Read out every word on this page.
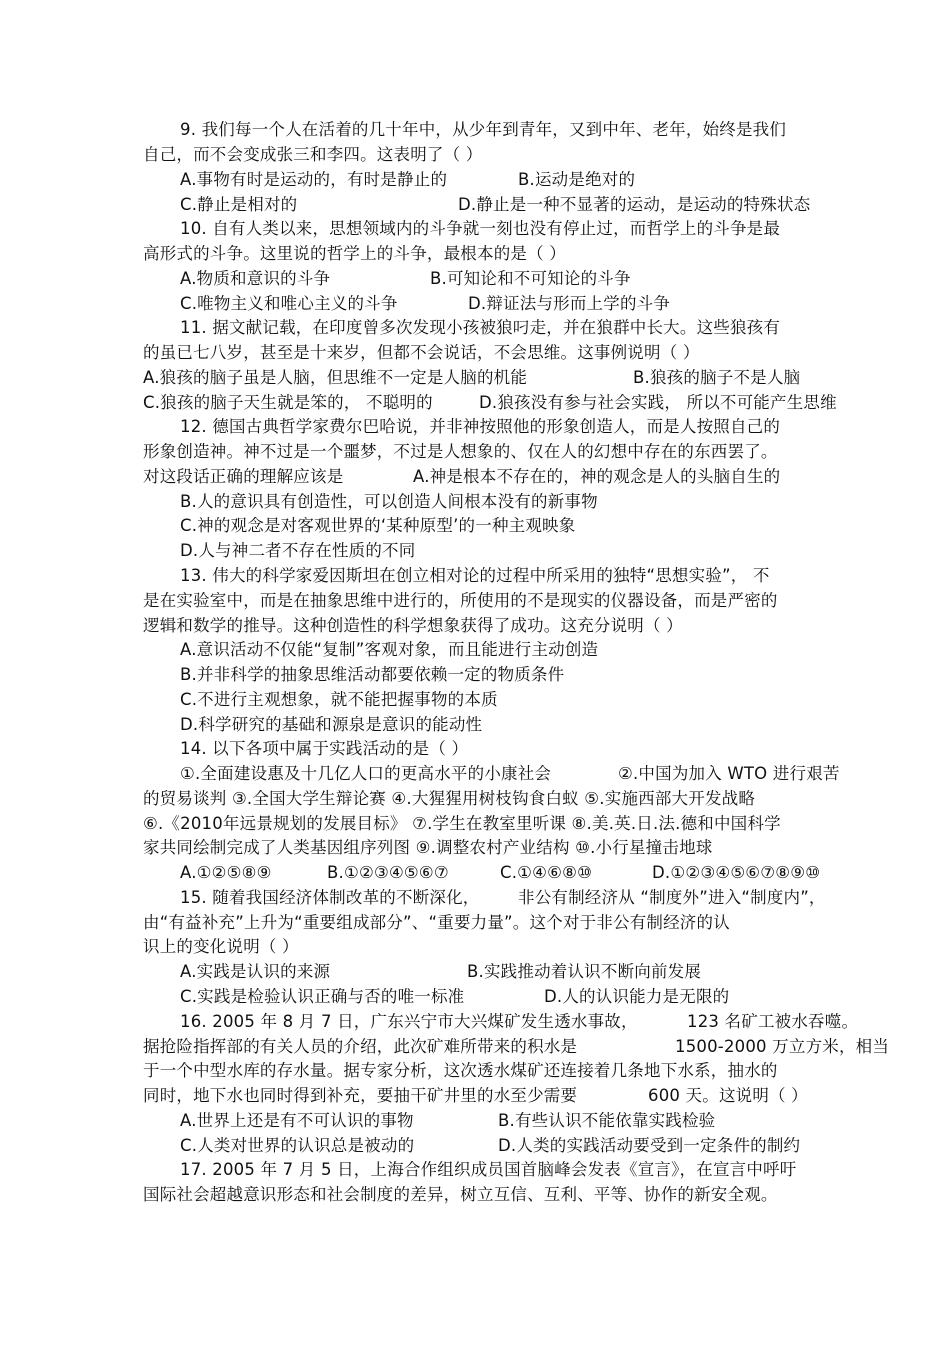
9. 我们每一个人在活着的几十年中，从少年到青年，又到中年、老年，始终是我们
自己，而不会变成张三和李四。这表明了（ ）
A.事物有时是运动的，有时是静止的	B.运动是绝对的
C.静止是相对的	D.静止是一种不显著的运动，是运动的特殊状态
10. 自有人类以来，思想领域内的斗争就一刻也没有停止过，而哲学上的斗争是最
高形式的斗争。这里说的哲学上的斗争，最根本的是（ ）
A.物质和意识的斗争	B.可知论和不可知论的斗争
C.唯物主义和唯心主义的斗争	D.辩证法与形而上学的斗争
11. 据文献记载，在印度曾多次发现小孩被狼叼走，并在狼群中长大。这些狼孩有
的虽已七八岁，甚至是十来岁，但都不会说话，不会思维。这事例说明（ ）
A.狼孩的脑子虽是人脑，但思维不一定是人脑的机能	B.狼孩的脑子不是人脑
C.狼孩的脑子天生就是笨的， 不聪明的	D.狼孩没有参与社会实践， 所以不可能产生思维
12. 德国古典哲学家费尔巴哈说，并非神按照他的形象创造人，而是人按照自己的
形象创造神。神不过是一个噩梦，不过是人想象的、仅在人的幻想中存在的东西罢了。
对这段话正确的理解应该是	A.神是根本不存在的，神的观念是人的头脑自生的
B.人的意识具有创造性，可以创造人间根本没有的新事物
C.神的观念是对客观世界的‘某种原型’的一种主观映象
D.人与神二者不存在性质的不同
13. 伟大的科学家爱因斯坦在创立相对论的过程中所采用的独特“思想实验”， 不
是在实验室中，而是在抽象思维中进行的，所使用的不是现实的仪器设备，而是严密的
逻辑和数学的推导。这种创造性的科学想象获得了成功。这充分说明（ ）
A.意识活动不仅能“复制”客观对象，而且能进行主动创造
B.并非科学的抽象思维活动都要依赖一定的物质条件
C.不进行主观想象，就不能把握事物的本质
D.科学研究的基础和源泉是意识的能动性
14. 以下各项中属于实践活动的是（ ）
①.全面建设惠及十几亿人口的更高水平的小康社会	②.中国为加入 WTO 进行艰苦
的贸易谈判 ③.全国大学生辩论赛 ④.大猩猩用树枝钩食白蚁 ⑤.实施西部大开发战略
⑥.《2010年远景规划的发展目标》 ⑦.学生在教室里听课 ⑧.美.英.日.法.德和中国科学
家共同绘制完成了人类基因组序列图 ⑨.调整农村产业结构 ⑩.小行星撞击地球
A.①②⑤⑧⑨	B.①②③④⑤⑥⑦	C.①④⑥⑧⑩	D.①②③④⑤⑥⑦⑧⑨⑩
15. 随着我国经济体制改革的不断深化， 非公有制经济从 “制度外”进入“制度内”，
由“有益补充”上升为“重要组成部分”、“重要力量”。这个对于非公有制经济的认
识上的变化说明（ ）
A.实践是认识的来源	B.实践推动着认识不断向前发展
C.实践是检验认识正确与否的唯一标准	D.人的认识能力是无限的
16. 2005 年 8 月 7 日，广东兴宁市大兴煤矿发生透水事故，	123 名矿工被水吞噬。
据抢险指挥部的有关人员的介绍，此次矿难所带来的积水是	1500-2000 万立方米，相当
于一个中型水库的存水量。据专家分析，这次透水煤矿还连接着几条地下水系，抽水的
同时，地下水也同时得到补充，要抽干矿井里的水至少需要	600 天。这说明（ ）
A.世界上还是有不可认识的事物	B.有些认识不能依靠实践检验
C.人类对世界的认识总是被动的	D.人类的实践活动要受到一定条件的制约
17. 2005 年 7 月 5 日，上海合作组织成员国首脑峰会发表《宣言》，在宣言中呼吁
国际社会超越意识形态和社会制度的差异，树立互信、互利、平等、协作的新安全观。
